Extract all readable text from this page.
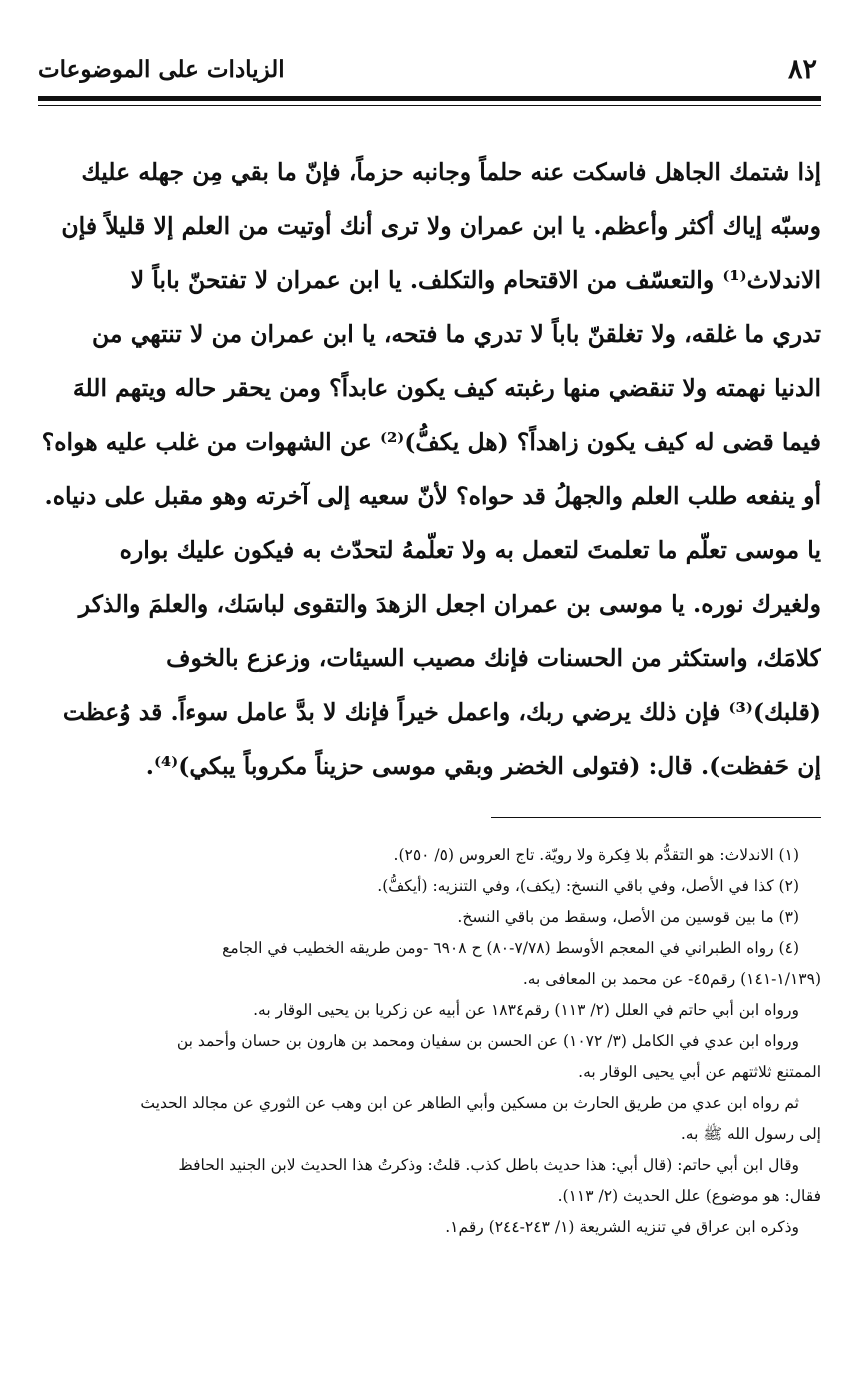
٨٢
الزيادات على الموضوعات
إذا شتمك الجاهل فاسكت عنه حلماً وجانبه حزماً، فإنّ ما بقي مِن جهله عليك
وسبّه إياك أكثر وأعظم. يا ابن عمران ولا ترى أنك أوتيت من العلم إلا قليلاً فإن
الاندلاث⁽¹⁾ والتعسّف من الاقتحام والتكلف. يا ابن عمران لا تفتحنّ باباً لا
تدري ما غلقه، ولا تغلقنّ باباً لا تدري ما فتحه، يا ابن عمران من لا تنتهي من
الدنيا نهمته ولا تنقضي منها رغبته كيف يكون عابداً؟ ومن يحقر حاله ويتهم اللهَ
فيما قضى له كيف يكون زاهداً؟ (هل يكفُّ)⁽²⁾ عن الشهوات من غلب عليه هواه؟
أو ينفعه طلب العلم والجهلُ قد حواه؟ لأنّ سعيه إلى آخرته وهو مقبل على دنياه.
يا موسى تعلّم ما تعلمتَ لتعمل به ولا تعلّمهُ لتحدّث به فيكون عليك بواره
ولغيرك نوره. يا موسى بن عمران اجعل الزهدَ والتقوى لباسَك، والعلمَ والذكر
كلامَك، واستكثر من الحسنات فإنك مصيب السيئات، وزعزع بالخوف
(قلبك)⁽³⁾ فإن ذلك يرضي ربك، واعمل خيراً فإنك لا بدَّ عامل سوءاً. قد وُعظت
إن حَفظت). قال: (فتولى الخضر وبقي موسى حزيناً مكروباً يبكي)⁽⁴⁾.
(١) الاندلاث: هو التقدُّم بلا فِكرة ولا رويّة. تاج العروس (٥/ ٢٥٠).
(٢) كذا في الأصل، وفي باقي النسخ: (يكف)، وفي التنزيه: (أيكفُّ).
(٣) ما بين قوسين من الأصل، وسقط من باقي النسخ.
(٤) رواه الطبراني في المعجم الأوسط (٧/٧٨-٨٠) ح ٦٩٠٨ -ومن طريقه الخطيب في الجامع
(١/١٣٩-١٤١) رقم٤٥- عن محمد بن المعافى به.
ورواه ابن أبي حاتم في العلل (٢/ ١١٣) رقم١٨٣٤ عن أبيه عن زكريا بن يحيى الوقار به.
ورواه ابن عدي في الكامل (٣/ ١٠٧٢) عن الحسن بن سفيان ومحمد بن هارون بن حسان وأحمد بن
الممتنع ثلاثتهم عن أبي يحيى الوقار به.
ثم رواه ابن عدي من طريق الحارث بن مسكين وأبي الطاهر عن ابن وهب عن الثوري عن مجالد الحديث
إلى رسول الله ﷺ به.
وقال ابن أبي حاتم: (قال أبي: هذا حديث باطل كذب. قلتُ: وذكرتُ هذا الحديث لابن الجنيد الحافظ
فقال: هو موضوع) علل الحديث (٢/ ١١٣).
وذكره ابن عراق في تنزيه الشريعة (١/ ٢٤٣-٢٤٤) رقم١.
